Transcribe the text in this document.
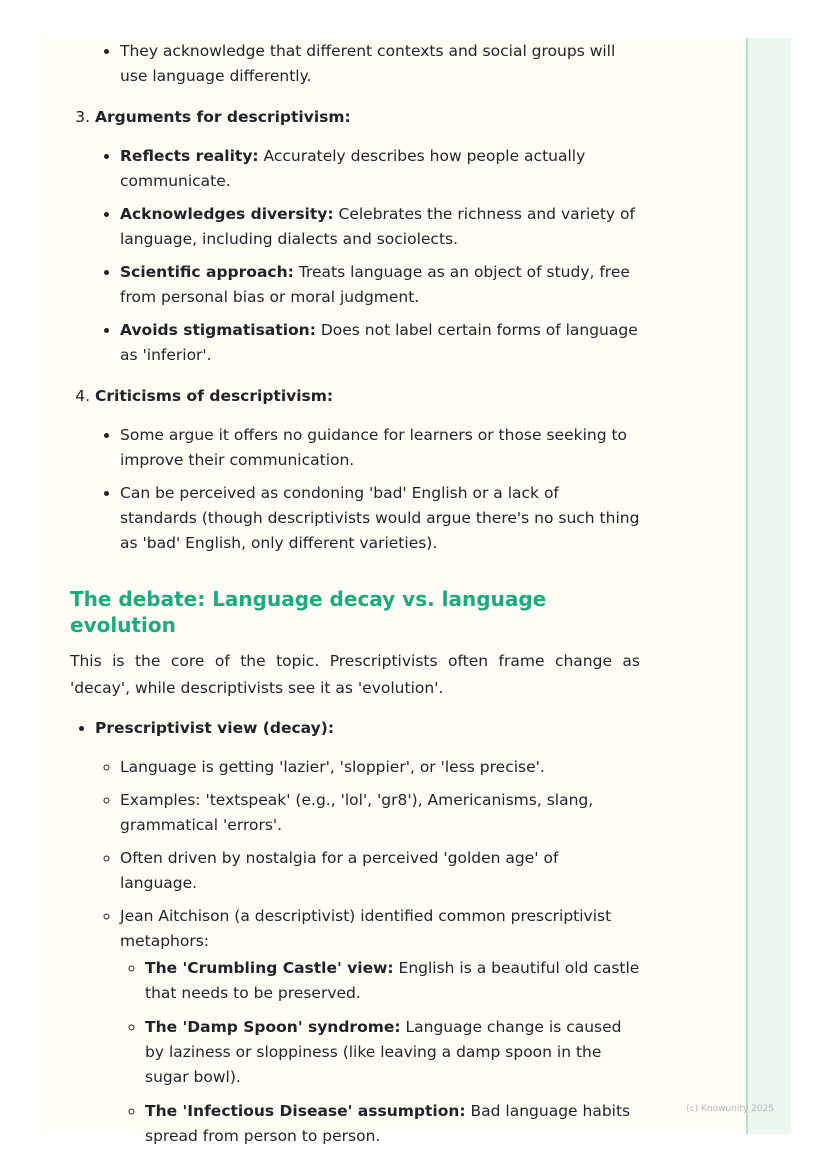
• They acknowledge that different contexts and social groups will use language differently.
3. Arguments for descriptivism:
• Reflects reality: Accurately describes how people actually communicate.
• Acknowledges diversity: Celebrates the richness and variety of language, including dialects and sociolects.
• Scientific approach: Treats language as an object of study, free from personal bias or moral judgment.
• Avoids stigmatisation: Does not label certain forms of language as 'inferior'.
4. Criticisms of descriptivism:
• Some argue it offers no guidance for learners or those seeking to improve their communication.
• Can be perceived as condoning 'bad' English or a lack of standards (though descriptivists would argue there's no such thing as 'bad' English, only different varieties).
The debate: Language decay vs. language evolution

This is the core of the topic. Prescriptivists often frame change as 'decay', while descriptivists see it as 'evolution'.

• Prescriptivist view (decay):
◦ Language is getting 'lazier', 'sloppier', or 'less precise'.
◦ Examples: 'textspeak' (e.g., 'lol', 'gr8'), Americanisms, slang, grammatical 'errors'.
◦ Often driven by nostalgia for a perceived 'golden age' of language.
◦ Jean Aitchison (a descriptivist) identified common prescriptivist metaphors:
◦ The 'Crumbling Castle' view: English is a beautiful old castle that needs to be preserved.
◦ The 'Damp Spoon' syndrome: Language change is caused by laziness or sloppiness (like leaving a damp spoon in the sugar bowl).
◦ The 'Infectious Disease' assumption: Bad language habits spread from person to person.
(c) Knowunity 2025
